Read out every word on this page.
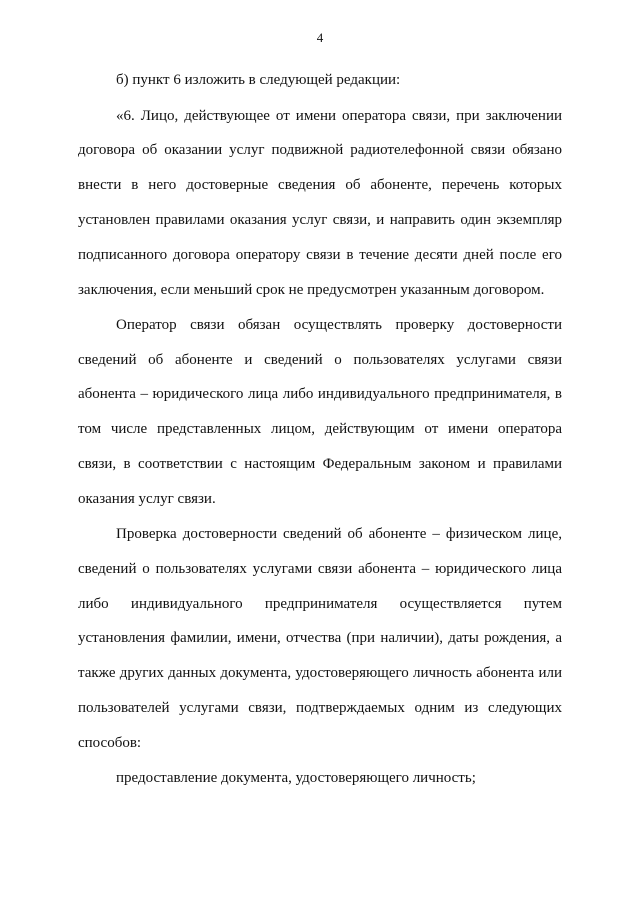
4
б) пункт 6 изложить в следующей редакции:
«6. Лицо, действующее от имени оператора связи, при заключении
договора об оказании услуг подвижной радиотелефонной связи обязано
внести в него достоверные сведения об абоненте, перечень которых
установлен правилами оказания услуг связи, и направить один экземпляр
подписанного договора оператору связи в течение десяти дней после его
заключения, если меньший срок не предусмотрен указанным договором.
Оператор связи обязан осуществлять проверку достоверности
сведений об абоненте и сведений о пользователях услугами связи
абонента – юридического лица либо индивидуального предпринимателя, в
том числе представленных лицом, действующим от имени оператора
связи, в соответствии с настоящим Федеральным законом и правилами
оказания услуг связи.
Проверка достоверности сведений об абоненте – физическом лице,
сведений о пользователях услугами связи абонента – юридического лица
либо индивидуального предпринимателя осуществляется путем
установления фамилии, имени, отчества (при наличии), даты рождения, а
также других данных документа, удостоверяющего личность абонента или
пользователей услугами связи, подтверждаемых одним из следующих
способов:
предоставление документа, удостоверяющего личность;
